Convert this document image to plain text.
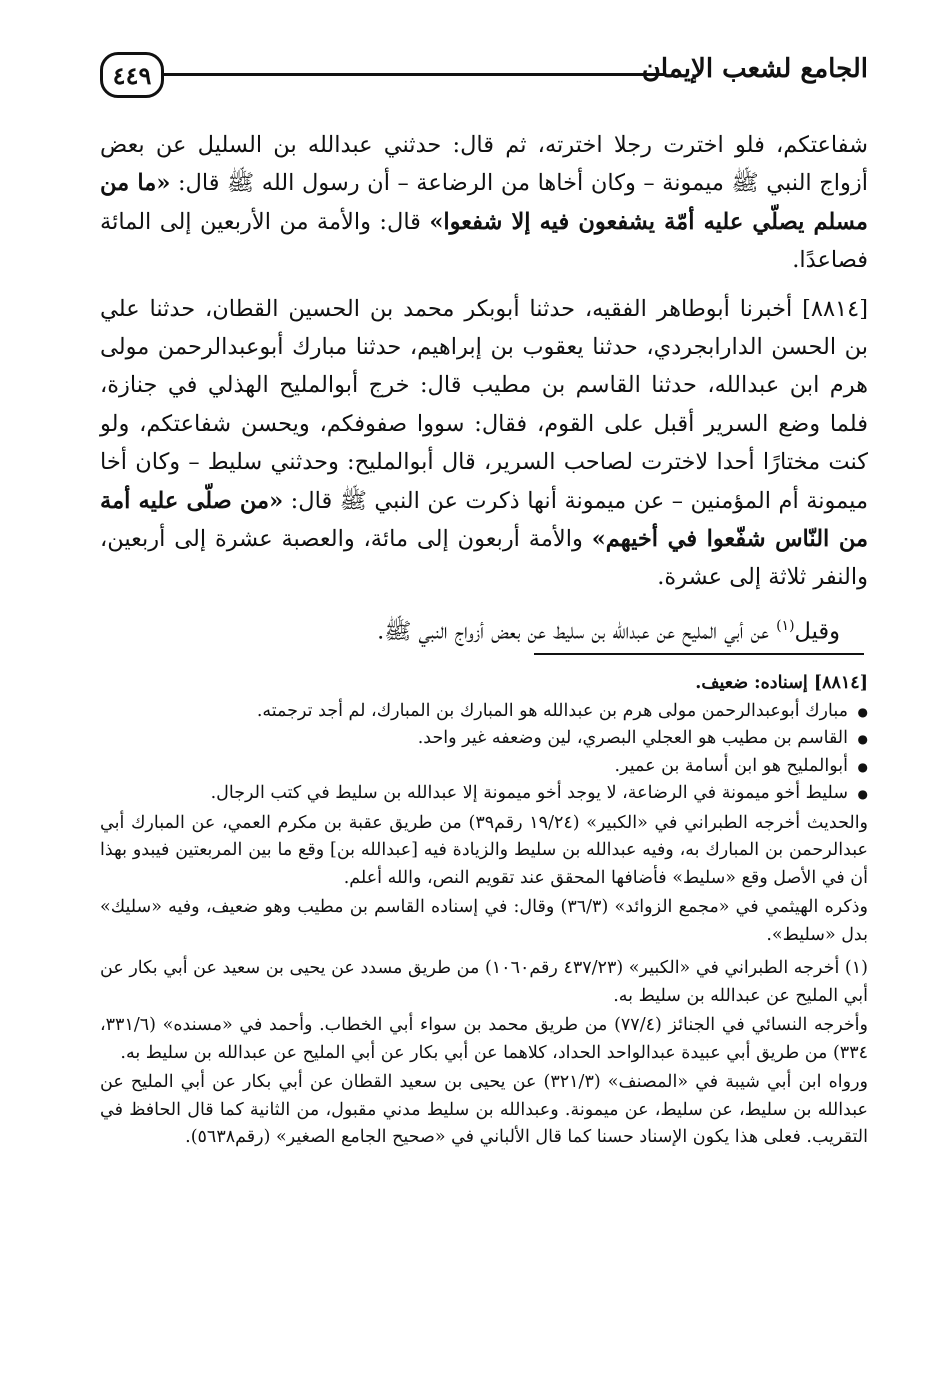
٤٤٩	الجامع لشعب الإيمان

شفاعتكم، فلو اخترت رجلا اخترته، ثم قال: حدثني عبدالله بن السليل عن بعض أزواج النبي ﷺ ميمونة – وكان أخاها من الرضاعة – أن رسول الله ﷺ قال: «ما من مسلم يصلّي عليه أمّة يشفعون فيه إلا شفعوا» قال: والأمة من الأربعين إلى المائة فصاعدًا.

[٨٨١٤] أخبرنا أبوطاهر الفقيه، حدثنا أبوبكر محمد بن الحسين القطان، حدثنا علي بن الحسن الدارابجردي، حدثنا يعقوب بن إبراهيم، حدثنا مبارك أبوعبدالرحمن مولى هرم ابن عبدالله، حدثنا القاسم بن مطيب قال: خرج أبوالمليح الهذلي في جنازة، فلما وضع السرير أقبل على القوم، فقال: سووا صفوفكم، ويحسن شفاعتكم، ولو كنت مختارًا أحدا لاخترت لصاحب السرير، قال أبوالمليح: وحدثني سليط – وكان أخا ميمونة أم المؤمنين – عن ميمونة أنها ذكرت عن النبي ﷺ قال: «من صلّى عليه أمة من النّاس شفّعوا في أخيهم» والأمة أربعون إلى مائة، والعصبة عشرة إلى أربعين، والنفر ثلاثة إلى عشرة.

وقيل$^{(١)}$ عن أبي المليح عن عبدالله بن سليط عن بعض أزواج النبي ﷺ.

[٨٨١٤] إسناده: ضعيف.

● مبارك أبوعبدالرحمن مولى هرم بن عبدالله هو المبارك بن المبارك، لم أجد ترجمته.

● القاسم بن مطيب هو العجلي البصري، لين وضعفه غير واحد.

● أبوالمليح هو ابن أسامة بن عمير.

● سليط أخو ميمونة في الرضاعة، لا يوجد أخو ميمونة إلا عبدالله بن سليط في كتب الرجال.

والحديث أخرجه الطبراني في «الكبير» (١٩/٢٤ رقم٣٩) من طريق عقبة بن مكرم العمي، عن المبارك أبي عبدالرحمن بن المبارك به، وفيه عبدالله بن سليط والزيادة فيه [عبدالله بن] وقع ما بين المربعتين فيبدو بهذا أن في الأصل وقع «سليط» فأضافها المحقق عند تقويم النص، والله أعلم.

وذكره الهيثمي في «مجمع الزوائد» (٣٦/٣) وقال: في إسناده القاسم بن مطيب وهو ضعيف، وفيه «سليك» بدل «سليط».

(١) أخرجه الطبراني في «الكبير» (٤٣٧/٢٣ رقم١٠٦٠) من طريق مسدد عن يحيى بن سعيد عن أبي بكار عن أبي المليح عن عبدالله بن سليط به.

وأخرجه النسائي في الجنائز (٧٧/٤) من طريق محمد بن سواء أبي الخطاب. وأحمد في «مسنده» (٣٣١/٦، ٣٣٤) من طريق أبي عبيدة عبدالواحد الحداد، كلاهما عن أبي بكار عن أبي المليح عن عبدالله بن سليط به.

ورواه ابن أبي شيبة في «المصنف» (٣٢١/٣) عن يحيى بن سعيد القطان عن أبي بكار عن أبي المليح عن عبدالله بن سليط، عن سليط، عن ميمونة. وعبدالله بن سليط مدني مقبول، من الثانية كما قال الحافظ في التقريب. فعلى هذا يكون الإسناد حسنا كما قال الألباني في «صحيح الجامع الصغير» (رقم٥٦٣٨).
